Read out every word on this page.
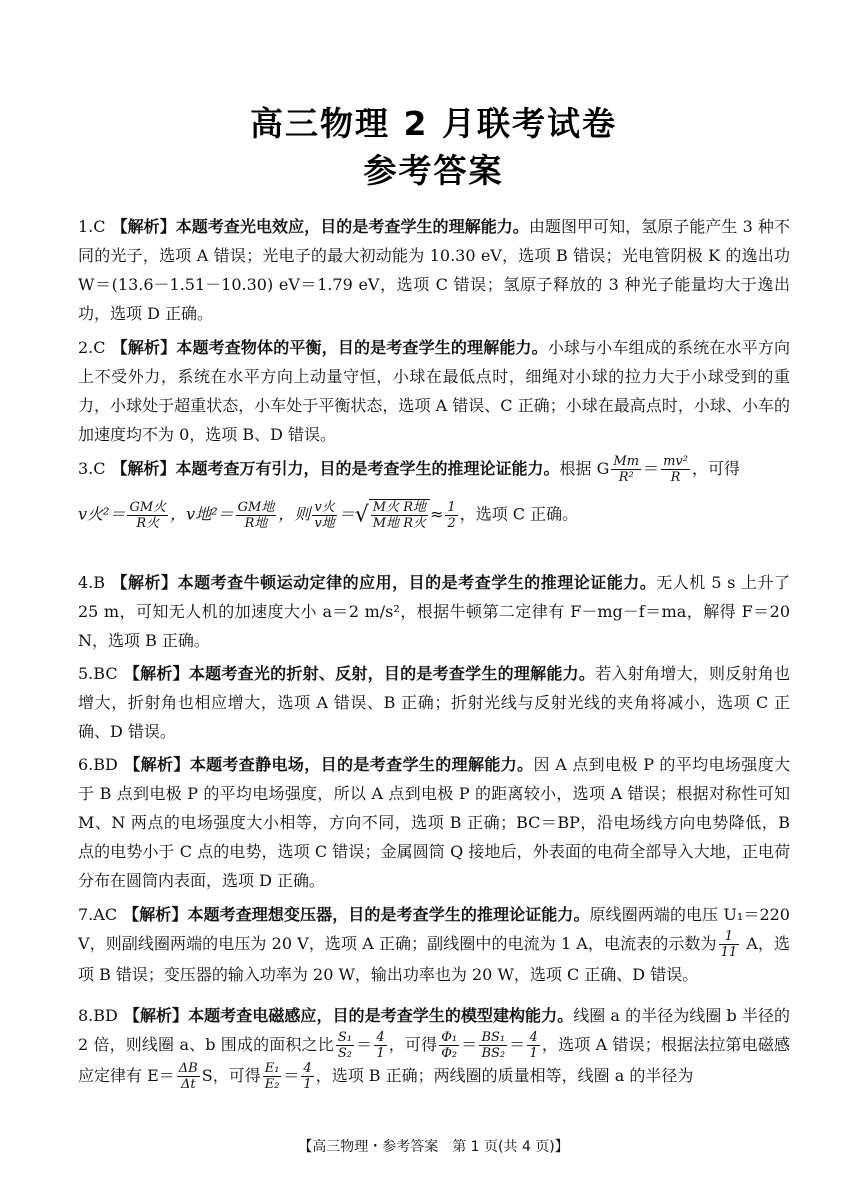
高三物理 2 月联考试卷
参考答案
1.C 【解析】本题考查光电效应，目的是考查学生的理解能力。由题图甲可知，氢原子能产生 3 种不同的光子，选项 A 错误；光电子的最大初动能为 10.30 eV，选项 B 错误；光电管阴极 K 的逸出功 W＝(13.6－1.51－10.30) eV＝1.79 eV，选项 C 错误；氢原子释放的 3 种光子能量均大于逸出功，选项 D 正确。
2.C 【解析】本题考查物体的平衡，目的是考查学生的理解能力。小球与小车组成的系统在水平方向上不受外力，系统在水平方向上动量守恒，小球在最低点时，细绳对小球的拉力大于小球受到的重力，小球处于超重状态，小车处于平衡状态，选项 A 错误、C 正确；小球在最高点时，小球、小车的加速度均不为 0，选项 B、D 错误。
3.C 【解析】本题考查万有引力，目的是考查学生的推理论证能力。根据 G $\frac{Mm}{\text{R²}} = \frac{\text{mv²}}{R}$ ，可得
v火$^2= \frac{\text{GM火}}{\text{R火}}$ ，v地$^2= \frac{\text{GM地}}{\text{R地}}$ ，则 $\frac{\text{v火}}{\text{v地}}$ ＝√ $\frac{\text{M火 R地}}{\text{M地 R火}} \approx \frac{1}{2}$ ，选项 C 正确。
4.B 【解析】本题考查牛顿运动定律的应用，目的是考查学生的推理论证能力。无人机 5 s 上升了 25 m，可知无人机的加速度大小 a＝2 m/s²，根据牛顿第二定律有 F－mg－f＝ma，解得 F＝20 N，选项 B 正确。
5.BC 【解析】本题考查光的折射、反射，目的是考查学生的理解能力。若入射角增大，则反射角也增大，折射角也相应增大，选项 A 错误、B 正确；折射光线与反射光线的夹角将减小，选项 C 正确、D 错误。
6.BD 【解析】本题考查静电场，目的是考查学生的理解能力。因 A 点到电极 P 的平均电场强度大于 B 点到电极 P 的平均电场强度，所以 A 点到电极 P 的距离较小，选项 A 错误；根据对称性可知 M、N 两点的电场强度大小相等，方向不同，选项 B 正确；BC＝BP，沿电场线方向电势降低，B 点的电势小于 C 点的电势，选项 C 错误；金属圆筒 Q 接地后，外表面的电荷全部导入大地，正电荷分布在圆筒内表面，选项 D 正确。
7.AC 【解析】本题考查理想变压器，目的是考查学生的推理论证能力。原线圈两端的电压 U₁＝220 V，则副线圈两端的电压为 20 V，选项 A 正确；副线圈中的电流为 1 A，电流表的示数为 $\frac{1}{11}$ A，选项 B 错误；变压器的输入功率为 20 W，输出功率也为 20 W，选项 C 正确、D 错误。
8.BD 【解析】本题考查电磁感应，目的是考查学生的模型建构能力。线圈 a 的半径为线圈 b 半径的 2 倍，则线圈 a、b 围成的面积之比 $\frac{\text{S₁}}{\text{S₂}} = \frac{4}{1}$ ，可得 $\frac{\text{Φ₁}}{\text{Φ₂}} = \frac{\text{BS₁}}{\text{BS₂}} = \frac{4}{1}$ ，选项 A 错误；根据法拉第电磁感应定律有 $E= \frac{\Delta B}{\Delta t}$ S，可得 $\frac{\text{E₁}}{\text{E₂}} = \frac{4}{1}$ ，选项 B 正确；两线圈的质量相等，线圈 a 的半径为
【高三物理・参考答案　第 1 页(共 4 页)】
